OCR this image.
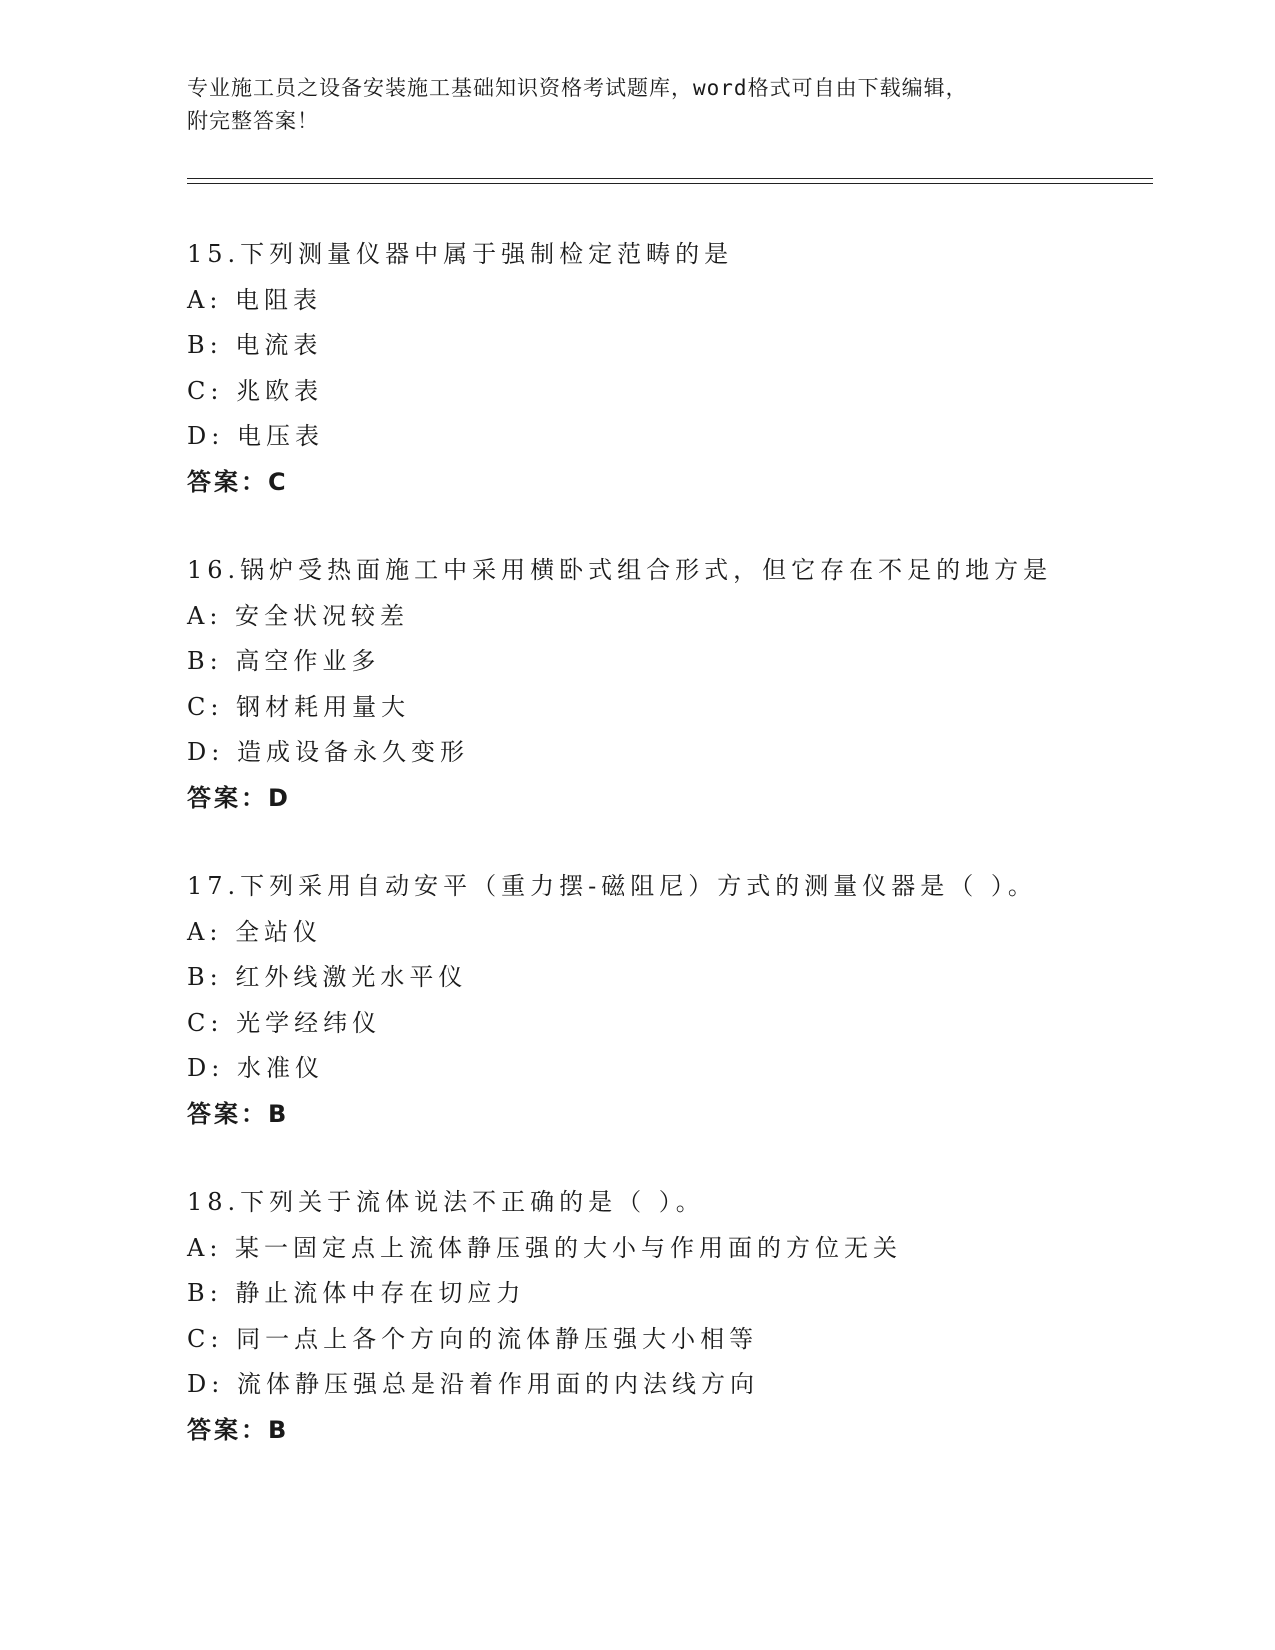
专业施工员之设备安装施工基础知识资格考试题库，word格式可自由下载编辑，
附完整答案！
15.下列测量仪器中属于强制检定范畴的是
A: 电阻表
B: 电流表
C: 兆欧表
D: 电压表
答案：C
16.锅炉受热面施工中采用横卧式组合形式，但它存在不足的地方是
A: 安全状况较差
B: 高空作业多
C: 钢材耗用量大
D: 造成设备永久变形
答案：D
17.下列采用自动安平（重力摆-磁阻尼）方式的测量仪器是（ ）。
A: 全站仪
B: 红外线激光水平仪
C: 光学经纬仪
D: 水准仪
答案：B
18.下列关于流体说法不正确的是（ ）。
A: 某一固定点上流体静压强的大小与作用面的方位无关
B: 静止流体中存在切应力
C: 同一点上各个方向的流体静压强大小相等
D: 流体静压强总是沿着作用面的内法线方向
答案：B
